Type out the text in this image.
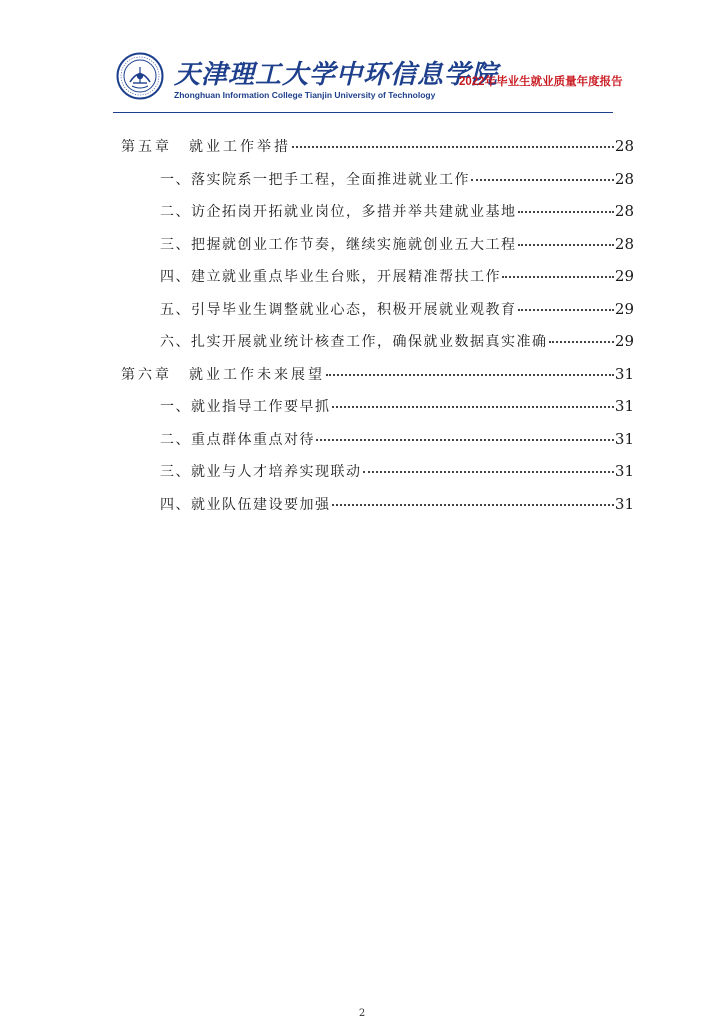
天津理工大学中环信息学院
Zhonghuan Information College Tianjin University of Technology
2022年毕业生就业质量年度报告
第五章　就业工作举措	28
一、落实院系一把手工程，全面推进就业工作	28
二、访企拓岗开拓就业岗位，多措并举共建就业基地	28
三、把握就创业工作节奏，继续实施就创业五大工程	28
四、建立就业重点毕业生台账，开展精准帮扶工作	29
五、引导毕业生调整就业心态，积极开展就业观教育	29
六、扎实开展就业统计核查工作，确保就业数据真实准确	29
第六章　就业工作未来展望	31
一、就业指导工作要早抓	31
二、重点群体重点对待	31
三、就业与人才培养实现联动	31
四、就业队伍建设要加强	31
2
